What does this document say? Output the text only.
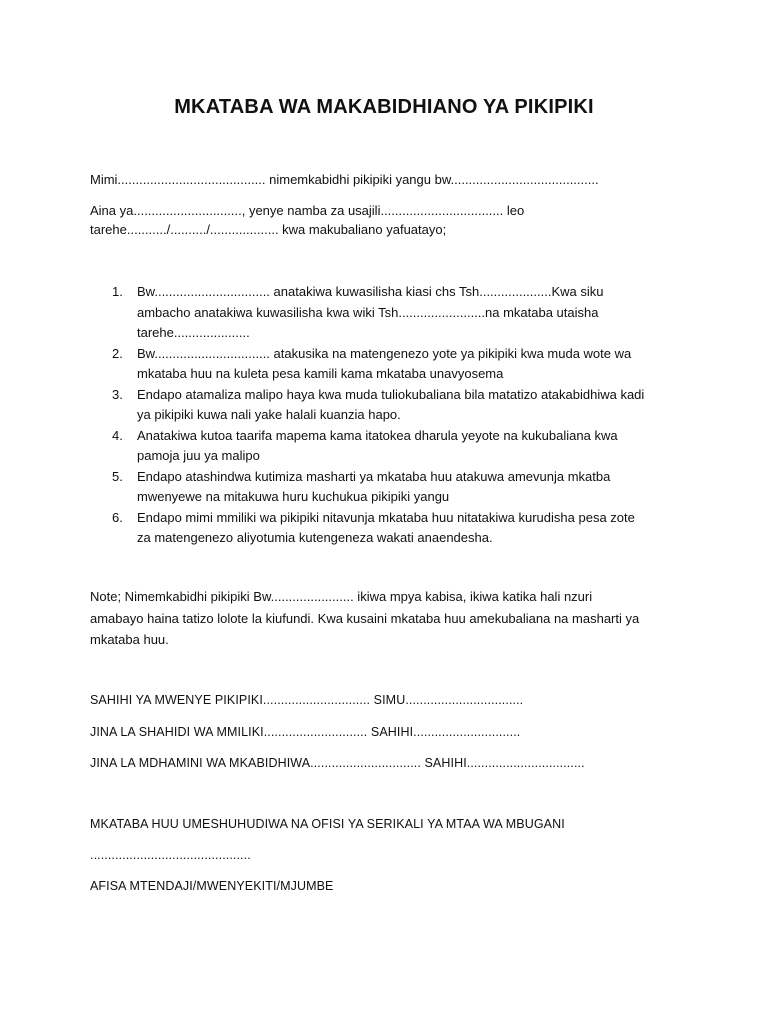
MKATABA WA MAKABIDHIANO YA PIKIPIKI
Mimi......................................... nimemkabidhi pikipiki yangu bw.........................................
Aina ya.............................., yenye namba za usajili.................................. leo
tarehe.........../........../................... kwa makubaliano yafuatayo;
1. Bw................................ anatakiwa kuwasilisha kiasi chs Tsh....................Kwa siku
ambacho anatakiwa kuwasilisha kwa wiki Tsh........................na mkataba utaisha
tarehe.....................
2. Bw................................ atakusika na matengenezo yote ya pikipiki kwa muda wote wa
mkataba huu na kuleta pesa kamili kama mkataba unavyosema
3. Endapo atamaliza malipo haya kwa muda tuliokubaliana bila matatizo atakabidhiwa kadi
ya pikipiki kuwa nali yake halali kuanzia hapo.
4. Anatakiwa kutoa taarifa mapema kama itatokea dharula yeyote na kukubaliana kwa
pamoja juu ya malipo
5. Endapo atashindwa kutimiza masharti ya mkataba huu atakuwa amevunja mkatba
mwenyewe na mitakuwa huru kuchukua pikipiki yangu
6. Endapo mimi mmiliki wa pikipiki nitavunja mkataba huu nitatakiwa kurudisha pesa zote
za matengenezo aliyotumia kutengeneza wakati anaendesha.
Note; Nimemkabidhi pikipiki Bw....................... ikiwa mpya kabisa, ikiwa katika hali nzuri
amabayo haina tatizo lolote la kiufundi. Kwa kusaini mkataba huu amekubaliana na masharti ya
mkataba huu.
SAHIHI YA MWENYE PIKIPIKI.............................. SIMU.................................
JINA LA SHAHIDI WA MMILIKI............................. SAHIHI..............................
JINA LA MDHAMINI WA MKABIDHIWA............................... SAHIHI.................................
MKATABA HUU UMESHUHUDIWA NA OFISI YA SERIKALI YA MTAA WA MBUGANI
.............................................
AFISA MTENDAJI/MWENYEKITI/MJUMBE
